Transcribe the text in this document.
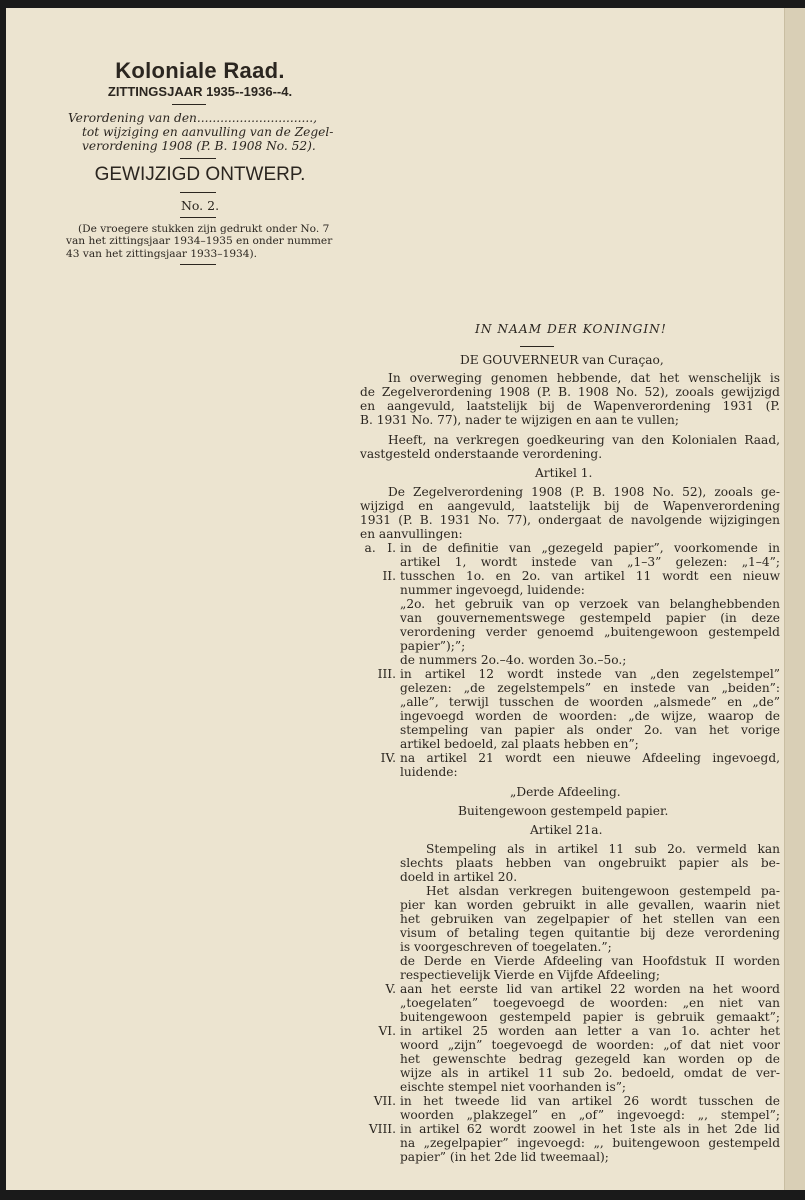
Koloniale Raad.
ZITTINGSJAAR 1935--1936--4.
Verordening van den..............................,
tot wijziging en aanvulling van de Zegel-
verordening 1908 (P. B. 1908 No. 52).
GEWIJZIGD ONTWERP.
No. 2.
(De vroegere stukken zijn gedrukt onder No. 7
van het zittingsjaar 1934–1935 en onder nummer
43 van het zittingsjaar 1933–1934).
IN NAAM DER KONINGIN!
DE GOUVERNEUR van Curaçao,
In overweging genomen hebbende, dat het wenschelijk is
de Zegelverordening 1908 (P. B. 1908 No. 52), zooals gewijzigd
en aangevuld, laatstelijk bij de Wapenverordening 1931 (P.
B. 1931 No. 77), nader te wijzigen en aan te vullen;
Heeft, na verkregen goedkeuring van den Kolonialen Raad,
vastgesteld onderstaande verordening.
Artikel 1.
De Zegelverordening 1908 (P. B. 1908 No. 52), zooals ge-
wijzigd en aangevuld, laatstelijk bij de Wapenverordening
1931 (P. B. 1931 No. 77), ondergaat de navolgende wijzigingen
en aanvullingen:
a.   I. in de definitie van „gezegeld papier”, voorkomende in
artikel 1, wordt instede van „1–3” gelezen: „1–4”;
II. tusschen 1o. en 2o. van artikel 11 wordt een nieuw
nummer ingevoegd, luidende:
„2o. het gebruik van op verzoek van belanghebbenden
van gouvernementswege gestempeld papier (in deze
verordening verder genoemd „buitengewoon gestempeld
papier”);”;
de nummers 2o.–4o. worden 3o.–5o.;
III. in artikel 12 wordt instede van „den zegelstempel”
gelezen: „de zegelstempels” en instede van „beiden”:
„alle”, terwijl tusschen de woorden „alsmede” en „de”
ingevoegd worden de woorden: „de wijze, waarop de
stempeling van papier als onder 2o. van het vorige
artikel bedoeld, zal plaats hebben en”;
IV. na artikel 21 wordt een nieuwe Afdeeling ingevoegd,
luidende:
„Derde Afdeeling.
Buitengewoon gestempeld papier.
Artikel 21a.
Stempeling als in artikel 11 sub 2o. vermeld kan
slechts plaats hebben van ongebruikt papier als be-
doeld in artikel 20.
Het alsdan verkregen buitengewoon gestempeld pa-
pier kan worden gebruikt in alle gevallen, waarin niet
het gebruiken van zegelpapier of het stellen van een
visum of betaling tegen quitantie bij deze verordening
is voorgeschreven of toegelaten.”;
de Derde en Vierde Afdeeling van Hoofdstuk II worden
respectievelijk Vierde en Vijfde Afdeeling;
V. aan het eerste lid van artikel 22 worden na het woord
„toegelaten” toegevoegd de woorden: „en niet van
buitengewoon gestempeld papier is gebruik gemaakt”;
VI. in artikel 25 worden aan letter a van 1o. achter het
woord „zijn” toegevoegd de woorden: „of dat niet voor
het gewenschte bedrag gezegeld kan worden op de
wijze als in artikel 11 sub 2o. bedoeld, omdat de ver-
eischte stempel niet voorhanden is”;
VII. in het tweede lid van artikel 26 wordt tusschen de
woorden „plakzegel” en „of” ingevoegd: „, stempel”;
VIII. in artikel 62 wordt zoowel in het 1ste als in het 2de lid
na „zegelpapier” ingevoegd: „, buitengewoon gestempeld
papier” (in het 2de lid tweemaal);
